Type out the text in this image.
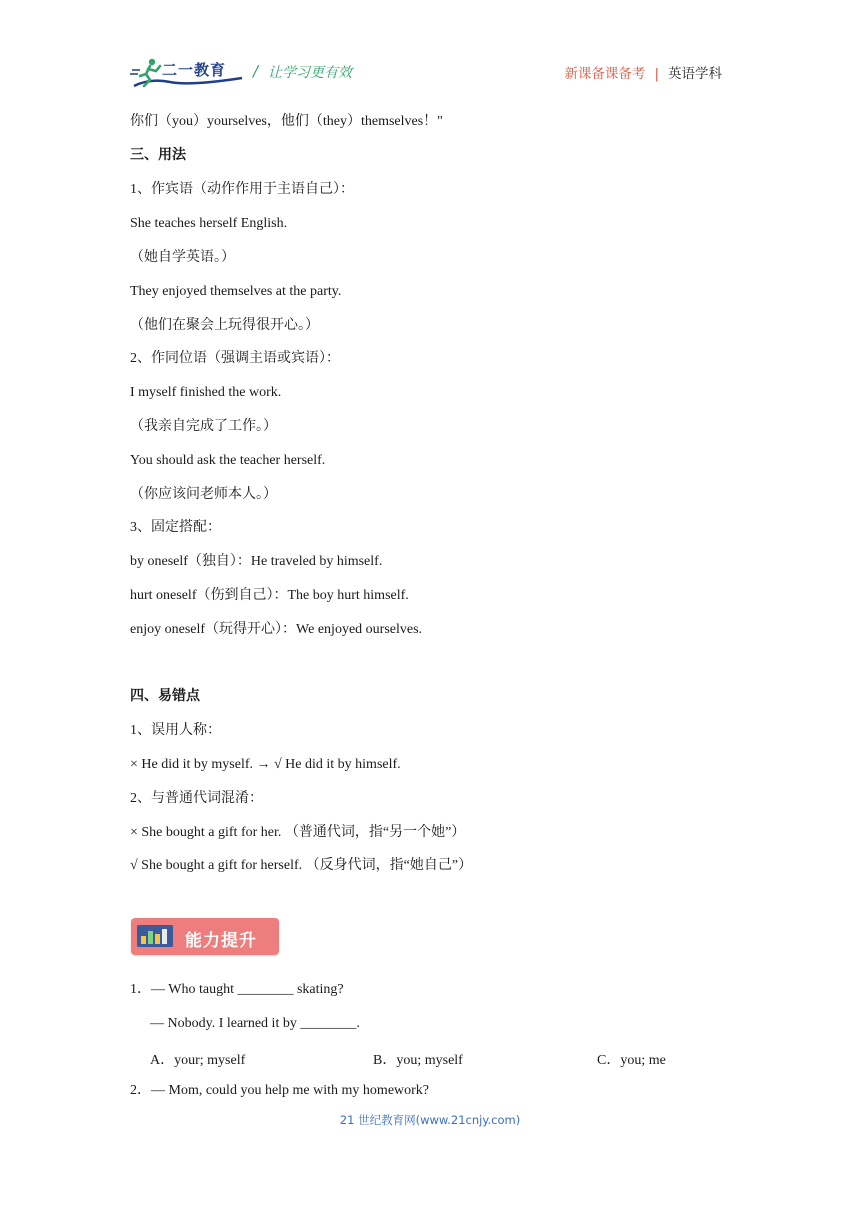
二一教育 / 让学习更有效	新课备课备考 | 英语学科
你们（you）yourselves，他们（they）themselves！"
三、用法
1、作宾语（动作作用于主语自己）：
She teaches herself English.
（她自学英语。）
They enjoyed themselves at the party.
（他们在聚会上玩得很开心。）
2、作同位语（强调主语或宾语）：
I myself finished the work.
（我亲自完成了工作。）
You should ask the teacher herself.
（你应该问老师本人。）
3、固定搭配：
by oneself（独自）：He traveled by himself.
hurt oneself（伤到自己）：The boy hurt himself.
enjoy oneself（玩得开心）：We enjoyed ourselves.
四、易错点
1、误用人称：
× He did it by myself. → √ He did it by himself.
2、与普通代词混淆：
× She bought a gift for her. （普通代词，指“另一个她”）
√ She bought a gift for herself. （反身代词，指“她自己”）
能力提升
1．— Who taught ________ skating?
— Nobody. I learned it by ________.
A．your; myself	B．you; myself	C．you; me
2．— Mom, could you help me with my homework?
21 世纪教育网(www.21cnjy.com)
